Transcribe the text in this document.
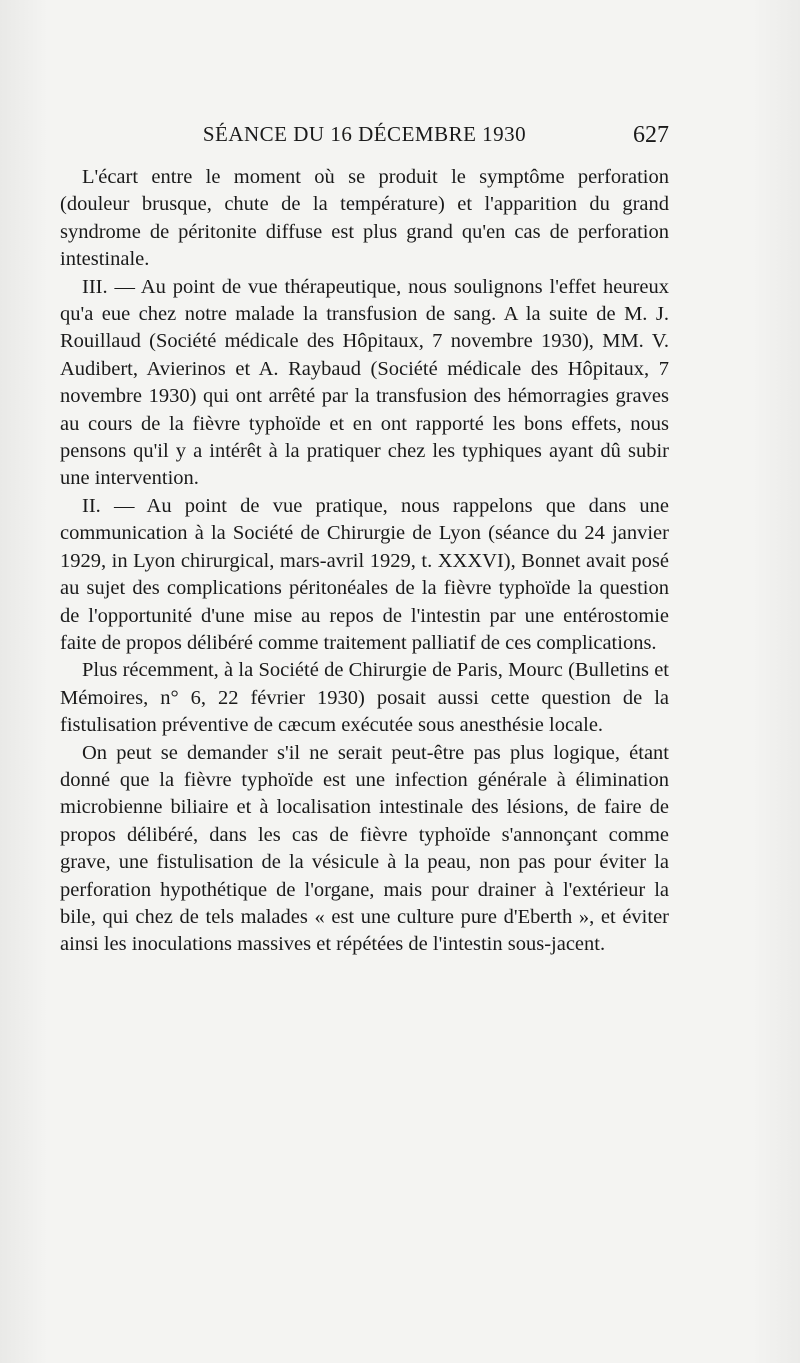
SÉANCE DU 16 DÉCEMBRE 1930	627

L'écart entre le moment où se produit le symptôme perforation (douleur brusque, chute de la température) et l'apparition du grand syndrome de péritonite diffuse est plus grand qu'en cas de perforation intestinale.

III. — Au point de vue thérapeutique, nous soulignons l'effet heureux qu'a eue chez notre malade la transfusion de sang. A la suite de M. J. Rouillaud (Société médicale des Hôpitaux, 7 novembre 1930), MM. V. Audibert, Avierinos et A. Raybaud (Société médicale des Hôpitaux, 7 novembre 1930) qui ont arrêté par la transfusion des hémorragies graves au cours de la fièvre typhoïde et en ont rapporté les bons effets, nous pensons qu'il y a intérêt à la pratiquer chez les typhiques ayant dû subir une intervention.

II. — Au point de vue pratique, nous rappelons que dans une communication à la Société de Chirurgie de Lyon (séance du 24 janvier 1929, in Lyon chirurgical, mars-avril 1929, t. XXXVI), Bonnet avait posé au sujet des complications péritonéales de la fièvre typhoïde la question de l'opportunité d'une mise au repos de l'intestin par une entérostomie faite de propos délibéré comme traitement palliatif de ces complications.

Plus récemment, à la Société de Chirurgie de Paris, Mourc (Bulletins et Mémoires, n° 6, 22 février 1930) posait aussi cette question de la fistulisation préventive de cæcum exécutée sous anesthésie locale.

On peut se demander s'il ne serait peut-être pas plus logique, étant donné que la fièvre typhoïde est une infection générale à élimination microbienne biliaire et à localisation intestinale des lésions, de faire de propos délibéré, dans les cas de fièvre typhoïde s'annonçant comme grave, une fistulisation de la vésicule à la peau, non pas pour éviter la perforation hypothétique de l'organe, mais pour drainer à l'extérieur la bile, qui chez de tels malades « est une culture pure d'Eberth », et éviter ainsi les inoculations massives et répétées de l'intestin sous-jacent.
